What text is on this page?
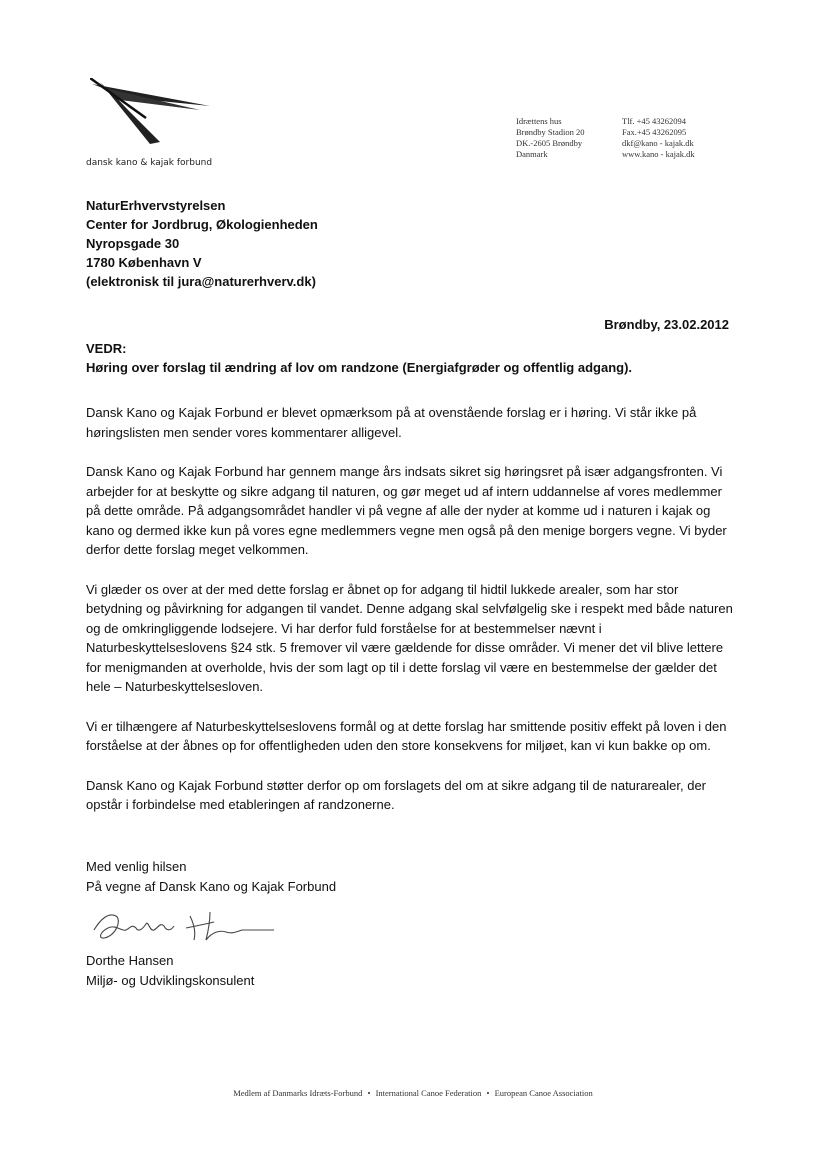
dansk kano & kajak forbund
Idrættens hus
Brøndby Stadion 20
DK.-2605 Brøndby
Danmark
Tlf. +45 43262094
Fax.+45 43262095
dkf@kano - kajak.dk
www.kano - kajak.dk
NaturErhvervstyrelsen
Center for Jordbrug, Økologienheden
Nyropsgade 30
1780 København V
(elektronisk til jura@naturerhverv.dk)
Brøndby, 23.02.2012
VEDR:
Høring over forslag til ændring af lov om randzone (Energiafgrøder og offentlig adgang).

Dansk Kano og Kajak Forbund er blevet opmærksom på at ovenstående forslag er i høring. Vi står ikke på høringslisten men sender vores kommentarer alligevel.

Dansk Kano og Kajak Forbund har gennem mange års indsats sikret sig høringsret på især adgangsfronten. Vi arbejder for at beskytte og sikre adgang til naturen, og gør meget ud af intern uddannelse af vores medlemmer på dette område. På adgangsområdet handler vi på vegne af alle der nyder at komme ud i naturen i kajak og kano og dermed ikke kun på vores egne medlemmers vegne men også på den menige borgers vegne. Vi byder derfor dette forslag meget velkommen.

Vi glæder os over at der med dette forslag er åbnet op for adgang til hidtil lukkede arealer, som har stor betydning og påvirkning for adgangen til vandet. Denne adgang skal selvfølgelig ske i respekt med både naturen og de omkringliggende lodsejere. Vi har derfor fuld forståelse for at bestemmelser nævnt i Naturbeskyttelseslovens §24 stk. 5 fremover vil være gældende for disse områder. Vi mener det vil blive lettere for menigmanden at overholde, hvis der som lagt op til i dette forslag vil være en bestemmelse der gælder det hele – Naturbeskyttelsesloven.

Vi er tilhængere af Naturbeskyttelseslovens formål og at dette forslag har smittende positiv effekt på loven i den forståelse at der åbnes op for offentligheden uden den store konsekvens for miljøet, kan vi kun bakke op om.

Dansk Kano og Kajak Forbund støtter derfor op om forslagets del om at sikre adgang til de naturarealer, der opstår i forbindelse med etableringen af randzonerne.

Med venlig hilsen
På vegne af Dansk Kano og Kajak Forbund
Dorthe Hansen
Miljø- og Udviklingskonsulent
Medlem af Danmarks Idræts-Forbund • International Canoe Federation • European Canoe Association
